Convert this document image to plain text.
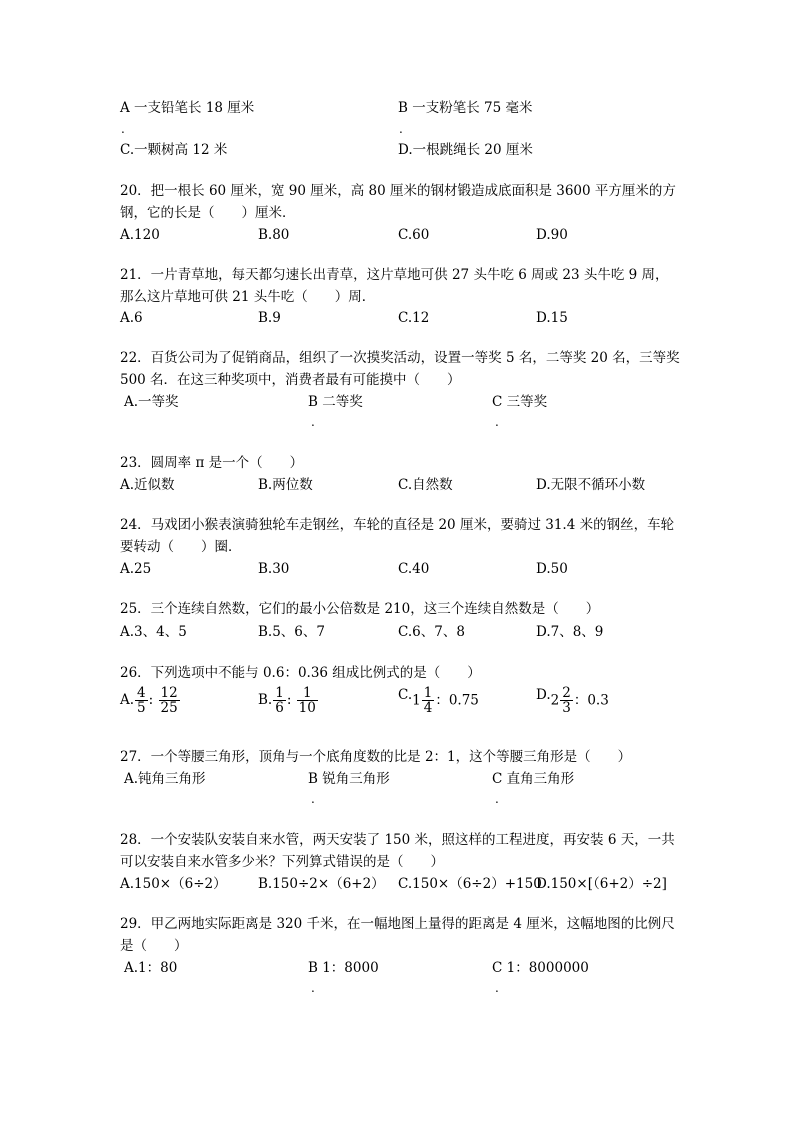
A 一支铅笔长 18 厘米	B 一支粉笔长 75 毫米
.	.
C.一颗树高 12 米	D.一根跳绳长 20 厘米
20．把一根长 60 厘米，宽 90 厘米，高 80 厘米的钢材锻造成底面积是 3600 平方厘米的方钢，它的长是（　　）厘米．
A.120	B.80	C.60	D.90
21．一片青草地，每天都匀速长出青草，这片草地可供 27 头牛吃 6 周或 23 头牛吃 9 周，那么这片草地可供 21 头牛吃（　　）周．
A.6	B.9	C.12	D.15
22．百货公司为了促销商品，组织了一次摸奖活动，设置一等奖 5 名，二等奖 20 名，三等奖 500 名．在这三种奖项中，消费者最有可能摸中（　　）
A.一等奖	B 二等奖	C 三等奖
.	.
23．圆周率 π 是一个（　　）
A.近似数	B.两位数	C.自然数	D.无限不循环小数
24．马戏团小猴表演骑独轮车走钢丝，车轮的直径是 20 厘米，要骑过 31.4 米的钢丝，车轮要转动（　　）圈．
A.25	B.30	C.40	D.50
25．三个连续自然数，它们的最小公倍数是 210，这三个连续自然数是（　　）
A.3、4、5	B.5、6、7	C.6、7、8	D.7、8、9
26．下列选项中不能与 0.6：0.36 组成比例式的是（　　）
A. $\frac{4}{5}$ : $\frac{12}{25}$	B. $\frac{1}{6}$ : $\frac{1}{10}$	$C.1 \frac{1}{4}$ ：0.75	$D.2 \frac{2}{3}$ ：0.3
27．一个等腰三角形，顶角与一个底角度数的比是 2：1，这个等腰三角形是（　　）
A.钝角三角形	B 锐角三角形	C 直角三角形
.	.
28．一个安装队安装自来水管，两天安装了 150 米，照这样的工程进度，再安装 6 天，一共可以安装自来水管多少米？下列算式错误的是（　　）
A.150×（6÷2） B.150÷2×（6+2） C.150×（6÷2）+150
D.150×[（6+2）÷2]
29．甲乙两地实际距离是 320 千米，在一幅地图上量得的距离是 4 厘米，这幅地图的比例尺是（　　）
A.1：80	B 1：8000	C 1：8000000
.	.
